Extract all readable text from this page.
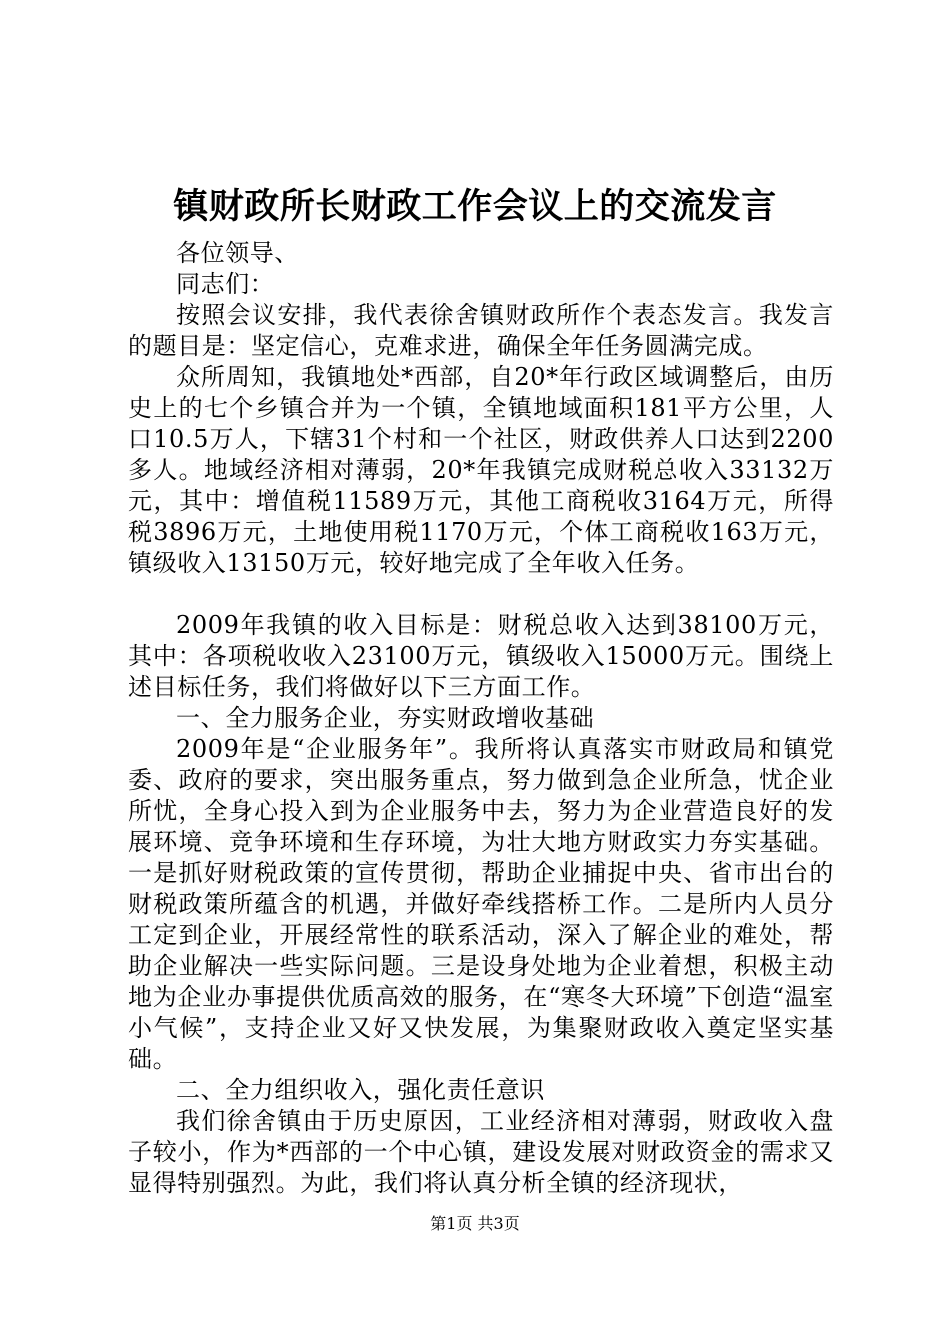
镇财政所长财政工作会议上的交流发言

各位领导、

同志们：

按照会议安排，我代表徐舍镇财政所作个表态发言。我发言的题目是：坚定信心，克难求进，确保全年任务圆满完成。

众所周知，我镇地处*西部，自20*年行政区域调整后，由历史上的七个乡镇合并为一个镇，全镇地域面积181平方公里，人口10.5万人，下辖31个村和一个社区，财政供养人口达到2200多人。地域经济相对薄弱，20*年我镇完成财税总收入33132万元，其中：增值税11589万元，其他工商税收3164万元，所得税3896万元，土地使用税1170万元，个体工商税收163万元，镇级收入13150万元，较好地完成了全年收入任务。

2009年我镇的收入目标是：财税总收入达到38100万元，其中：各项税收收入23100万元，镇级收入15000万元。围绕上述目标任务，我们将做好以下三方面工作。

一、全力服务企业，夯实财政增收基础

2009年是“企业服务年”。我所将认真落实市财政局和镇党委、政府的要求，突出服务重点，努力做到急企业所急，忧企业所忧，全身心投入到为企业服务中去，努力为企业营造良好的发展环境、竞争环境和生存环境，为壮大地方财政实力夯实基础。一是抓好财税政策的宣传贯彻，帮助企业捕捉中央、省市出台的财税政策所蕴含的机遇，并做好牵线搭桥工作。二是所内人员分工定到企业，开展经常性的联系活动，深入了解企业的难处，帮助企业解决一些实际问题。三是设身处地为企业着想，积极主动地为企业办事提供优质高效的服务，在“寒冬大环境”下创造“温室小气候”，支持企业又好又快发展，为集聚财政收入奠定坚实基础。

二、全力组织收入，强化责任意识

我们徐舍镇由于历史原因，工业经济相对薄弱，财政收入盘子较小，作为*西部的一个中心镇，建设发展对财政资金的需求又显得特别强烈。为此，我们将认真分析全镇的经济现状，

第1页 共3页
